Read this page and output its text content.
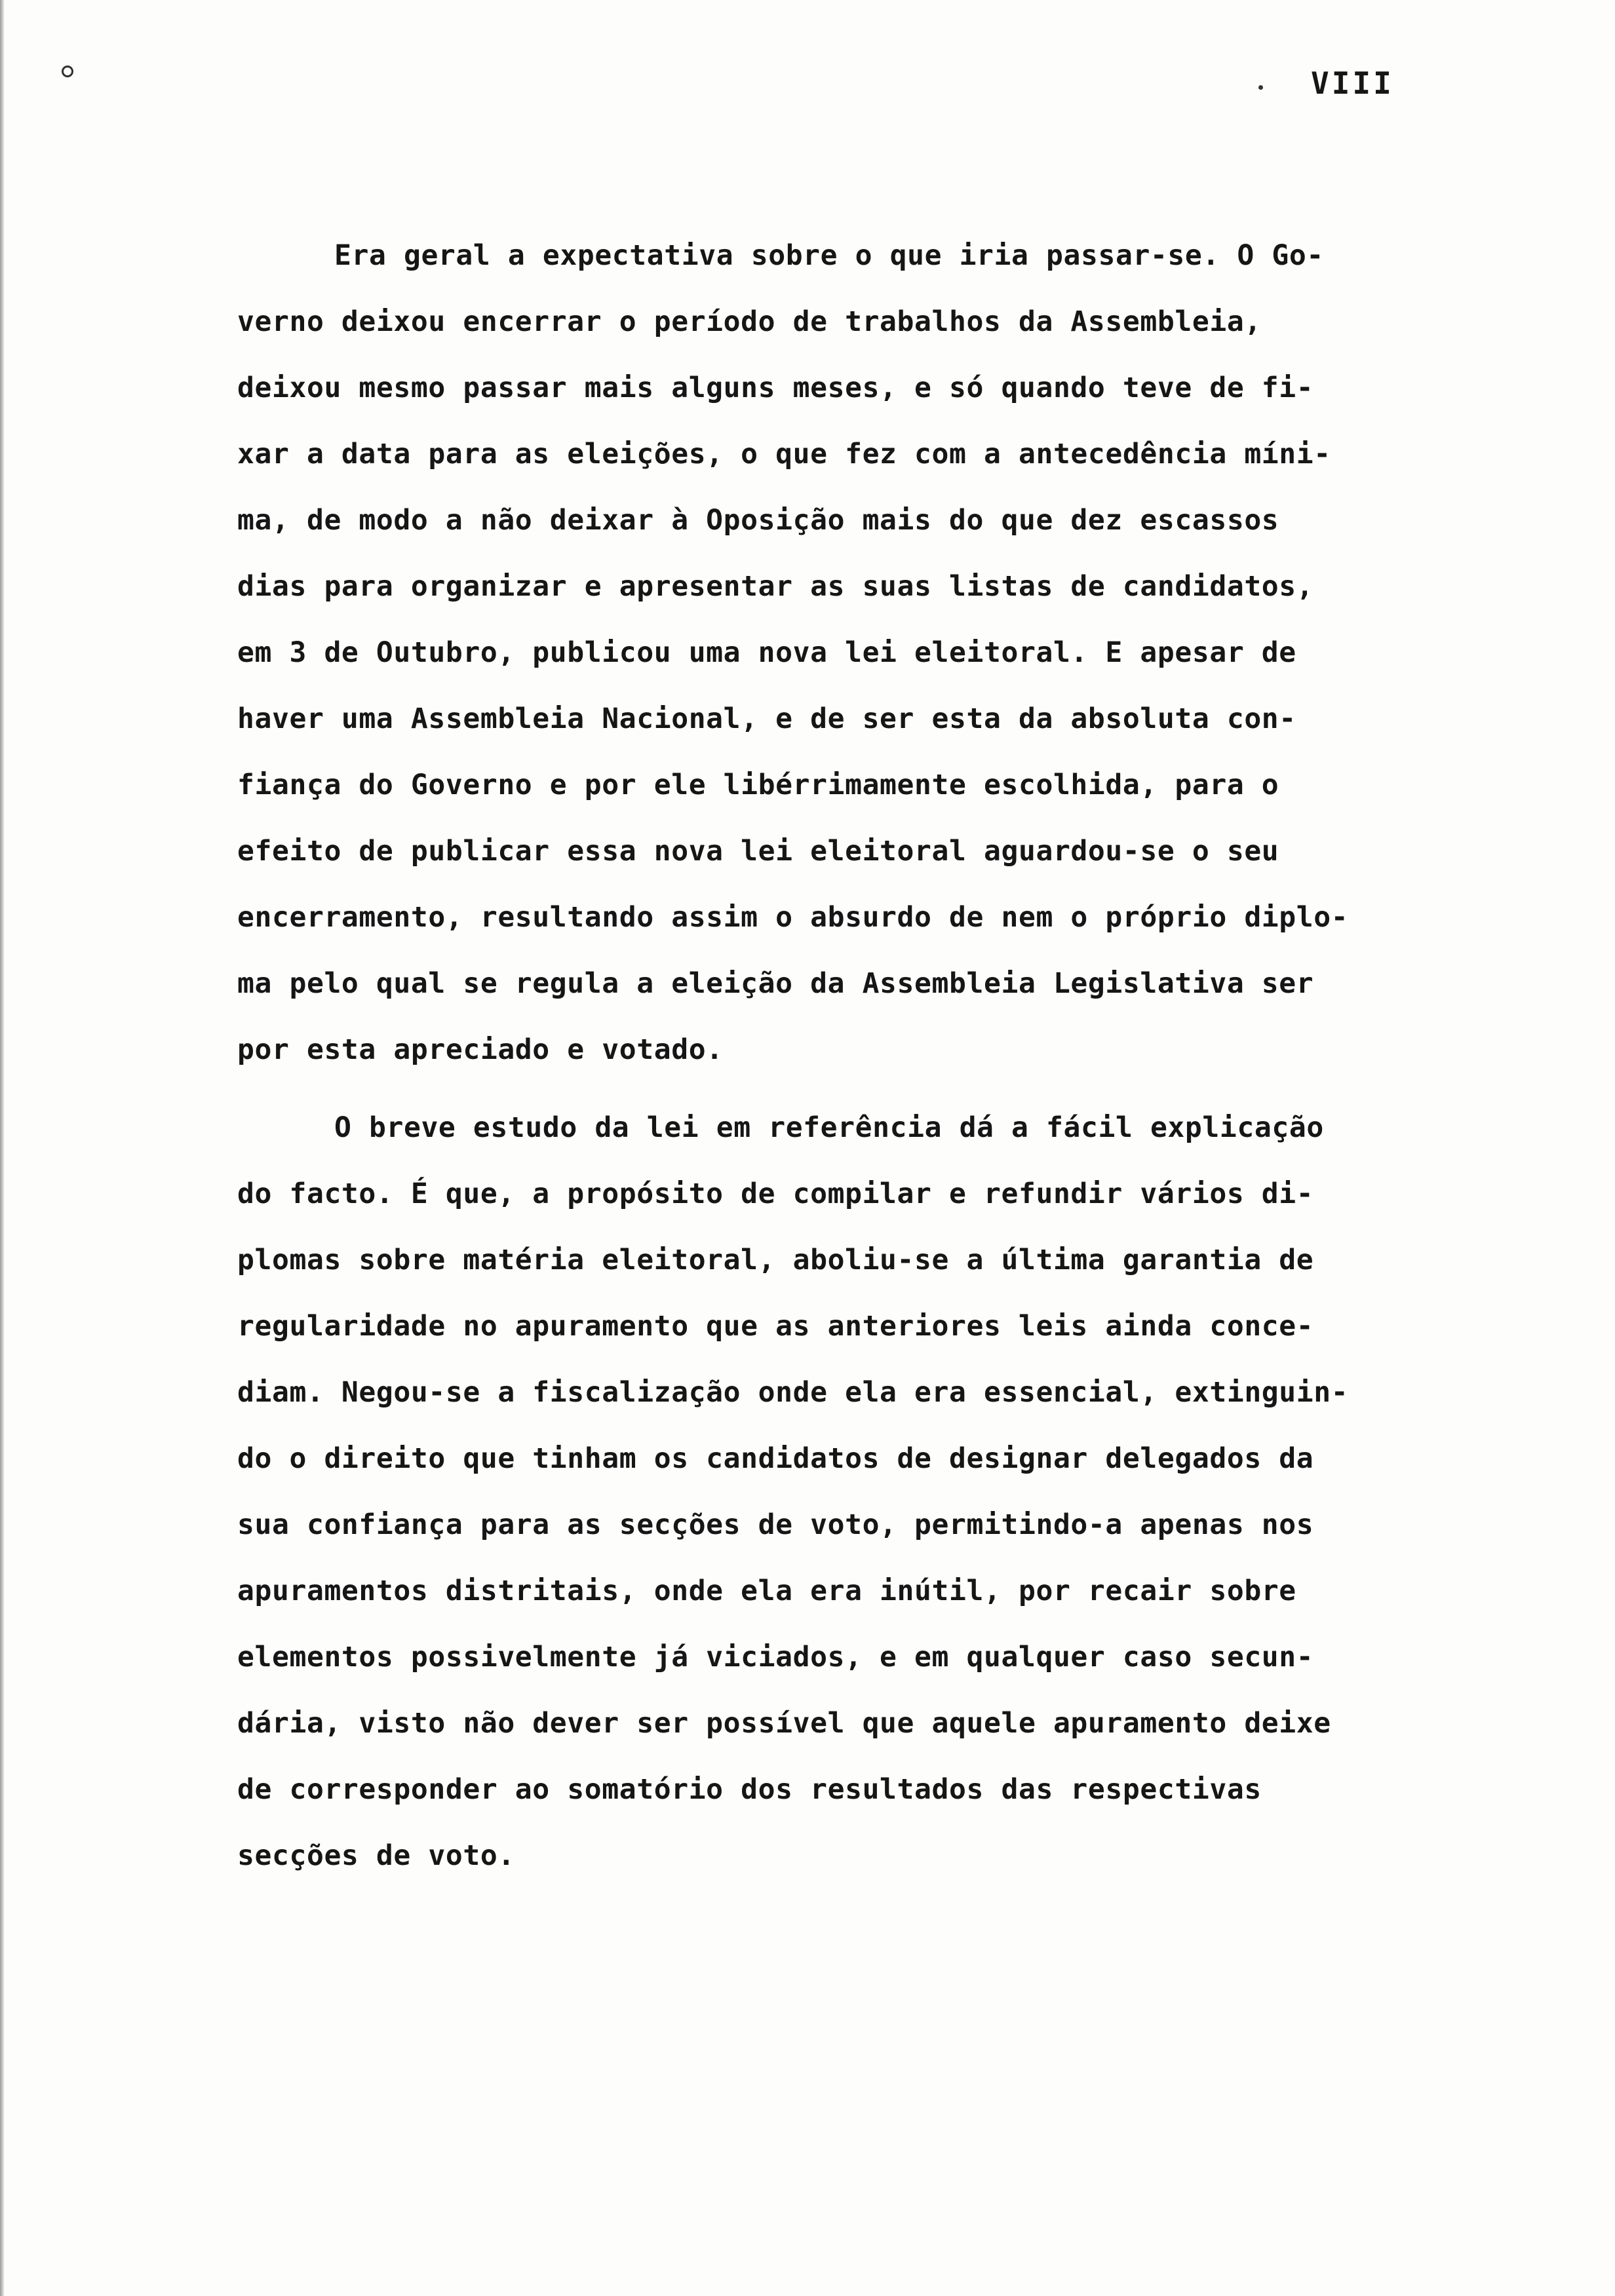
VIII
Era geral a expectativa sobre o que iria passar-se. O Go-
verno deixou encerrar o período de trabalhos da Assembleia,
deixou mesmo passar mais alguns meses, e só quando teve de fi-
xar a data para as eleições, o que fez com a antecedência míni-
ma, de modo a não deixar à Oposição mais do que dez escassos
dias para organizar e apresentar as suas listas de candidatos,
em 3 de Outubro, publicou uma nova lei eleitoral. E apesar de
haver uma Assembleia Nacional, e de ser esta da absoluta con-
fiança do Governo e por ele libérrimamente escolhida, para o
efeito de publicar essa nova lei eleitoral aguardou-se o seu
encerramento, resultando assim o absurdo de nem o próprio diplo-
ma pelo qual se regula a eleição da Assembleia Legislativa ser
por esta apreciado e votado.
O breve estudo da lei em referência dá a fácil explicação
do facto. É que, a propósito de compilar e refundir vários di-
plomas sobre matéria eleitoral, aboliu-se a última garantia de
regularidade no apuramento que as anteriores leis ainda conce-
diam. Negou-se a fiscalização onde ela era essencial, extinguin-
do o direito que tinham os candidatos de designar delegados da
sua confiança para as secções de voto, permitindo-a apenas nos
apuramentos distritais, onde ela era inútil, por recair sobre
elementos possivelmente já viciados, e em qualquer caso secun-
dária, visto não dever ser possível que aquele apuramento deixe
de corresponder ao somatório dos resultados das respectivas
secções de voto.
